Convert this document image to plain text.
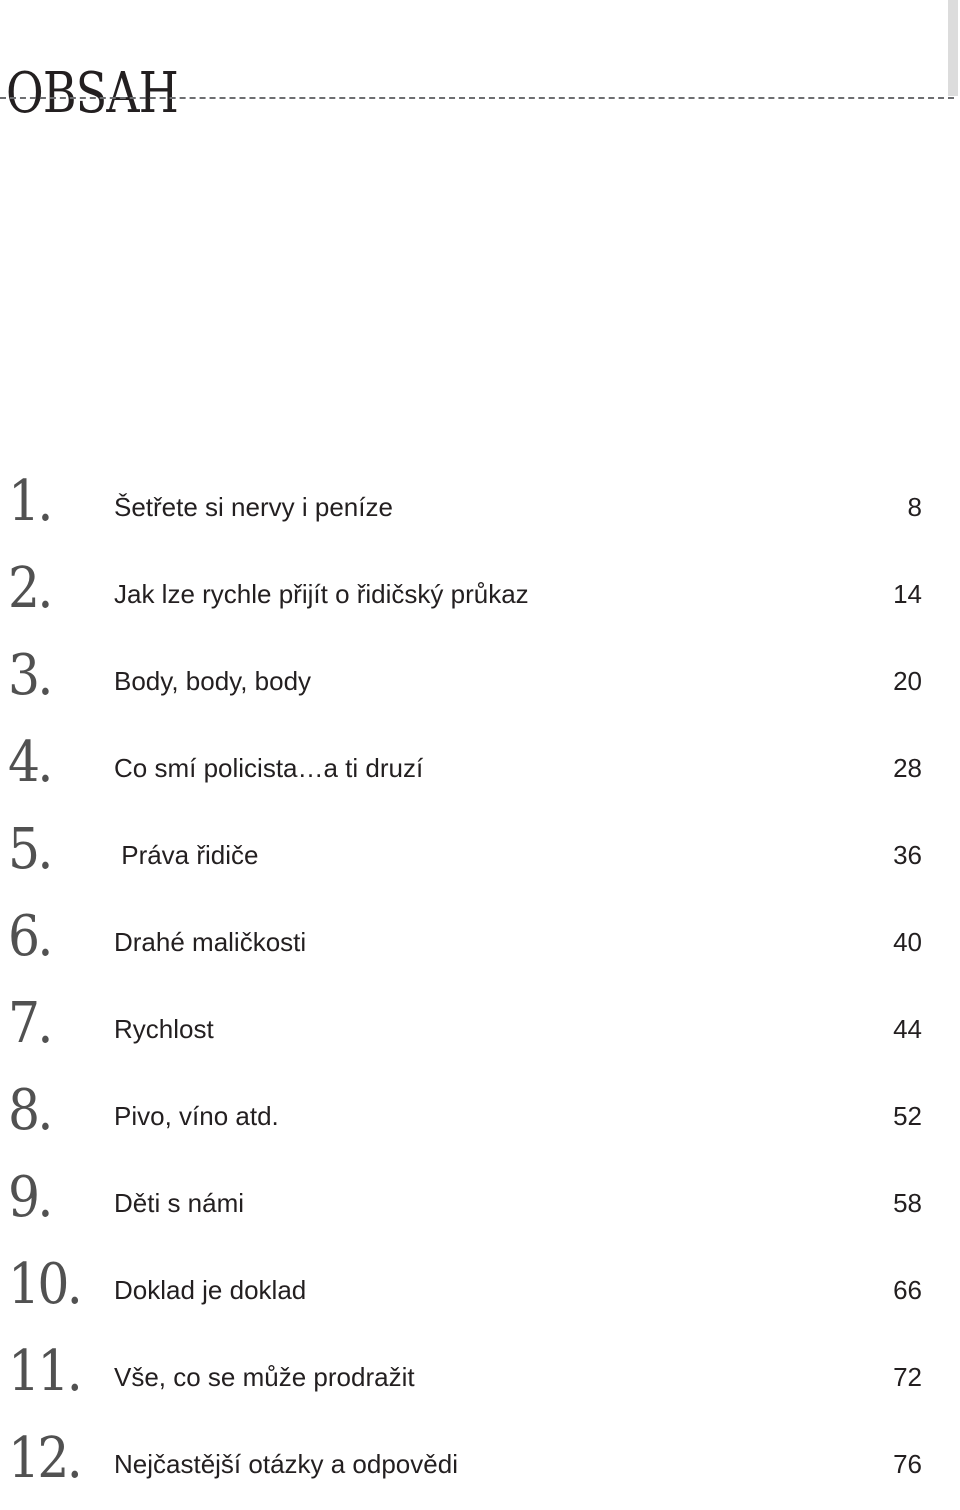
OBSAH
1.	Šetřete si nervy i peníze	8
2.	Jak lze rychle přijít o řidičský průkaz	14
3.	Body, body, body	20
4.	Co smí policista…a ti druzí	28
5.	Práva řidiče	36
6.	Drahé maličkosti	40
7.	Rychlost	44
8.	Pivo, víno atd.	52
9.	Děti s námi	58
10.	Doklad je doklad	66
11.	Vše, co se může prodražit	72
12.	Nejčastější otázky a odpovědi	76
